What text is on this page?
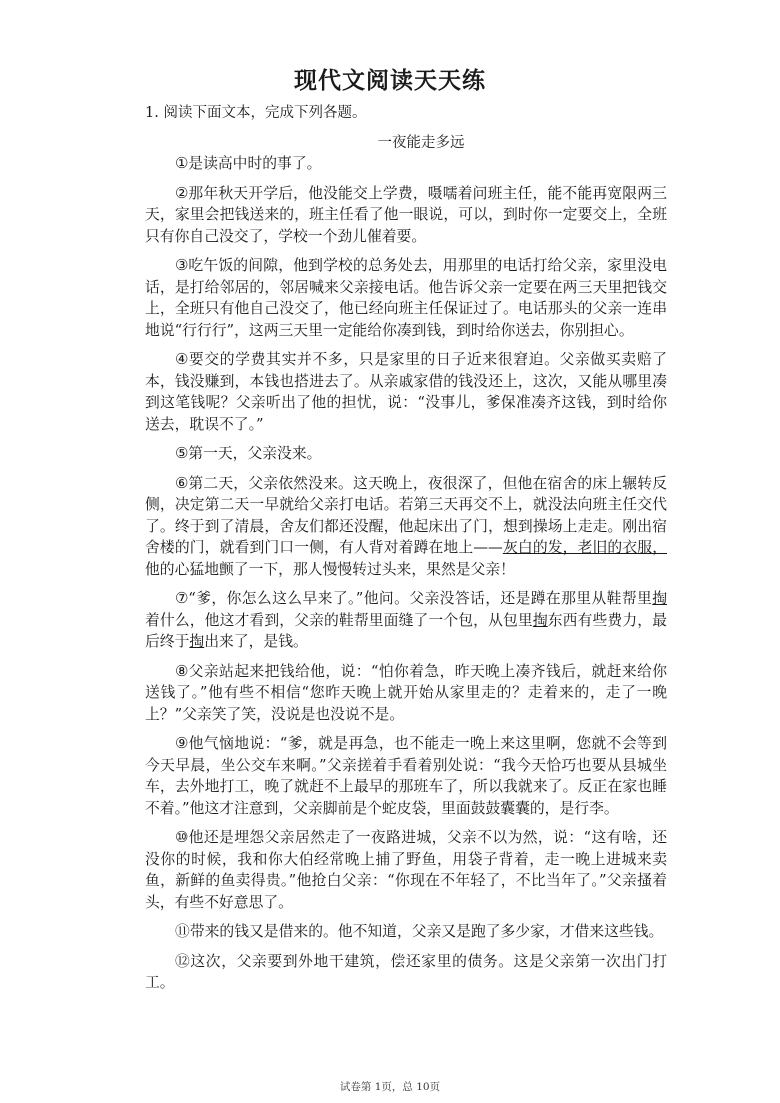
现代文阅读天天练
1. 阅读下面文本，完成下列各题。
一夜能走多远

①是读高中时的事了。

②那年秋天开学后，他没能交上学费，嗫嚅着问班主任，能不能再宽限两三天，家里会把钱送来的，班主任看了他一眼说，可以，到时你一定要交上，全班只有你自己没交了，学校一个劲儿催着要。

③吃午饭的间隙，他到学校的总务处去，用那里的电话打给父亲，家里没电话，是打给邻居的，邻居喊来父亲接电话。他告诉父亲一定要在两三天里把钱交上，全班只有他自己没交了，他已经向班主任保证过了。电话那头的父亲一连串地说“行行行”，这两三天里一定能给你凑到钱，到时给你送去，你别担心。

④要交的学费其实并不多，只是家里的日子近来很窘迫。父亲做买卖赔了本，钱没赚到，本钱也搭进去了。从亲戚家借的钱没还上，这次，又能从哪里凑到这笔钱呢？父亲听出了他的担忧，说：“没事儿，爹保准凑齐这钱，到时给你送去，耽误不了。”

⑤第一天，父亲没来。

⑥第二天，父亲依然没来。这天晚上，夜很深了，但他在宿舍的床上辗转反侧，决定第二天一早就给父亲打电话。若第三天再交不上，就没法向班主任交代了。终于到了清晨，舍友们都还没醒，他起床出了门，想到操场上走走。刚出宿舍楼的门，就看到门口一侧，有人背对着蹲在地上——灰白的发，老旧的衣服，他的心猛地颤了一下，那人慢慢转过头来，果然是父亲！

⑦“爹，你怎么这么早来了。”他问。父亲没答话，还是蹲在那里从鞋帮里掏着什么，他这才看到，父亲的鞋帮里面缝了一个包，从包里掏东西有些费力，最后终于掏出来了，是钱。

⑧父亲站起来把钱给他，说：“怕你着急，昨天晚上凑齐钱后，就赶来给你送钱了。”他有些不相信“您昨天晚上就开始从家里走的？走着来的，走了一晚上？”父亲笑了笑，没说是也没说不是。

⑨他气恼地说：“爹，就是再急，也不能走一晚上来这里啊，您就不会等到今天早晨，坐公交车来啊。”父亲搓着手看着别处说：“我今天恰巧也要从县城坐车，去外地打工，晚了就赶不上最早的那班车了，所以我就来了。反正在家也睡不着。”他这才注意到，父亲脚前是个蛇皮袋，里面鼓鼓囊囊的，是行李。

⑩他还是埋怨父亲居然走了一夜路进城，父亲不以为然，说：“这有啥，还没你的时候，我和你大伯经常晚上捕了野鱼，用袋子背着，走一晚上进城来卖鱼，新鲜的鱼卖得贵。”他抢白父亲：“你现在不年轻了，不比当年了。”父亲搔着头，有些不好意思了。

⑪带来的钱又是借来的。他不知道，父亲又是跑了多少家，才借来这些钱。

⑫这次，父亲要到外地干建筑，偿还家里的债务。这是父亲第一次出门打工。

试卷第 1页，总 10页
